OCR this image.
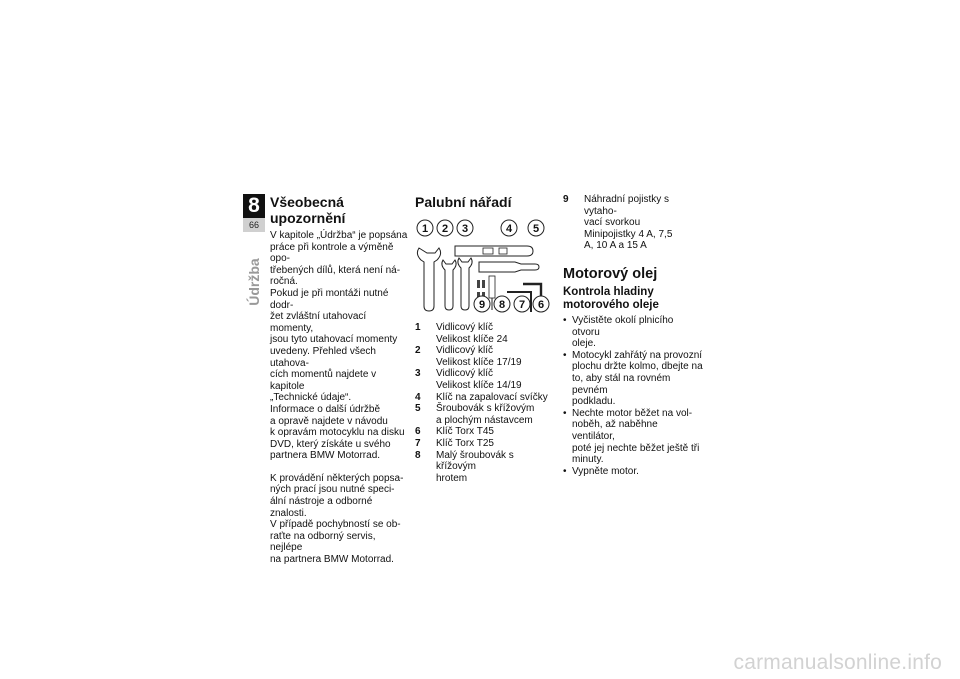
8
66
Údržba
Všeobecná upozornění

V kapitole „Údržba“ je popsána
práce při kontrole a výměně opo-
třebených dílů, která není ná-
ročná.
Pokud je při montáži nutné dodr-
žet zvláštní utahovací momenty,
jsou tyto utahovací momenty
uvedeny. Přehled všech utahova-
cích momentů najdete v kapitole
„Technické údaje“.
Informace o další údržbě
a opravě najdete v návodu
k opravám motocyklu na disku
DVD, který získáte u svého
partnera BMW Motorrad.

K provádění některých popsa-
ných prací jsou nutné speci-
ální nástroje a odborné znalosti.
V případě pochybností se ob-
raťte na odborný servis, nejlépe
na partnera BMW Motorrad.

Palubní nářadí
1 2 3	4 5
6
7
8
9
1	Vidlicový klíč
Velikost klíče 24
2	Vidlicový klíč
Velikost klíče 17/19
3	Vidlicový klíč
Velikost klíče 14/19
4	Klíč na zapalovací svíčky
5	Šroubovák s křížovým
a plochým nástavcem
6	Klíč Torx T45
7	Klíč Torx T25
8	Malý šroubovák s křížovým
hrotem
9	Náhradní pojistky s vytaho-
vací svorkou
Minipojistky 4 A, 7,5
A, 10 A a 15 A
Motorový olej
Kontrola hladiny
motorového oleje
• Vyčistěte okolí plnicího otvoru
oleje.
• Motocykl zahřátý na provozní
plochu držte kolmo, dbejte na
to, aby stál na rovném pevném
podkladu.
• Nechte motor běžet na vol-
noběh, až naběhne ventilátor,
poté jej nechte běžet ještě tři
minuty.
• Vypněte motor.
carmanualsonline.info
